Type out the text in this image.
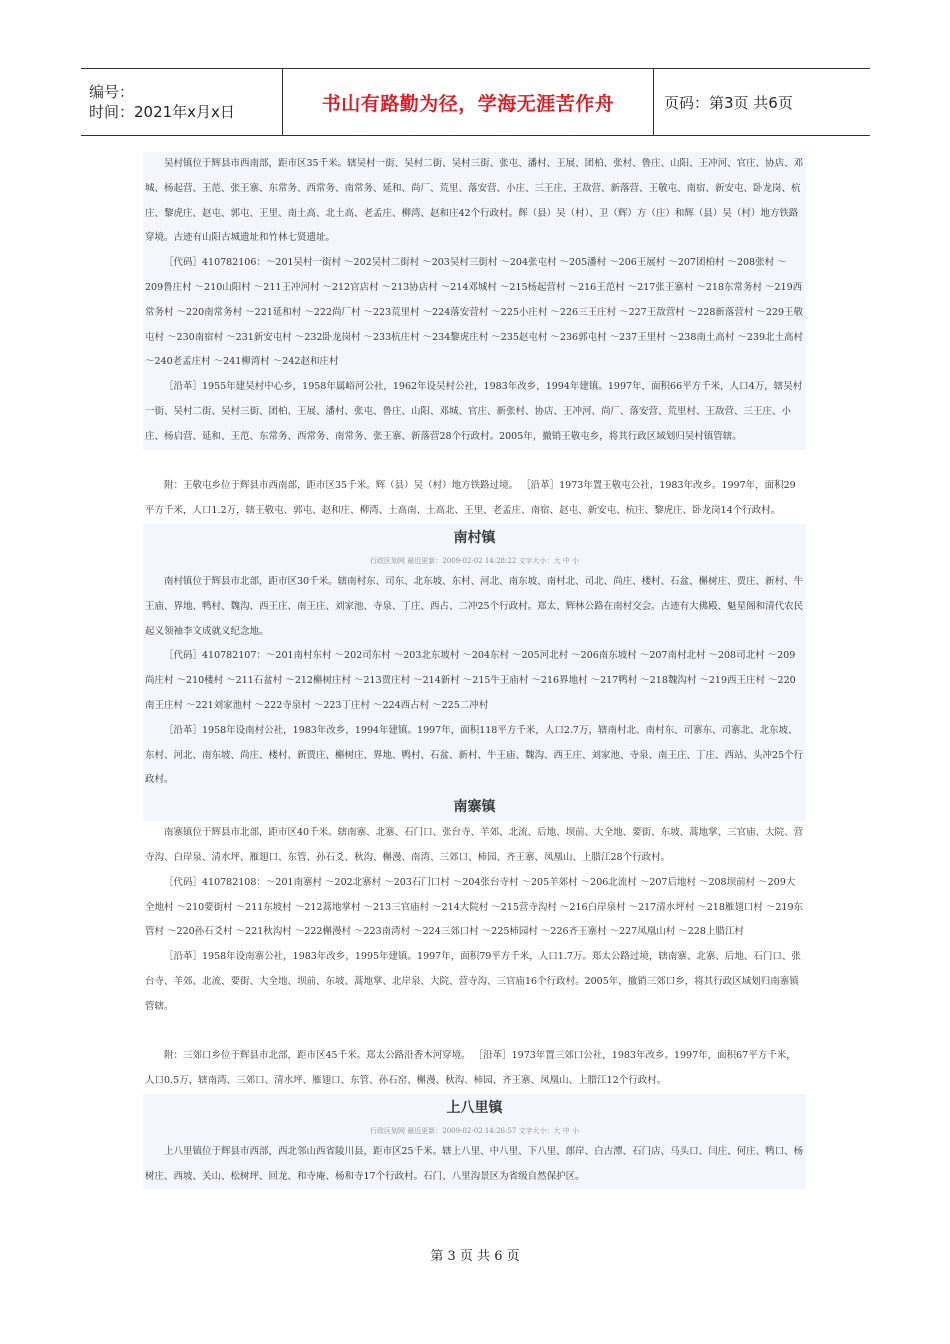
编号：
时间：2021年x月x日	书山有路勤为径，学海无涯苦作舟	页码：第3页 共6页

吴村镇位于辉县市西南部，距市区35千米。辖吴村一街、吴村二街、吴村三街、张屯、潘村、王展、团柏、张村、鲁庄、山阳、王冲河、官庄、协店、邓城、杨起营、王范、张王寨、东常务、西常务、南常务、延和、尚厂、荒里、落安营、小庄、三王庄、王敌营、新落营、王敬屯、南宿、新安屯、卧龙岗、杭庄、黎虎庄、赵屯、郭屯、王里、南土高、北土高、老孟庄、柳湾、赵和庄42个行政村。辉（县）吴（村）、卫（辉）方（庄）和辉（县）吴（村）地方铁路穿境。古迹有山阳古城遗址和竹林七贤遗址。

［代码］410782106：～201吴村一街村 ～202吴村二街村 ～203吴村三街村 ～204张屯村 ～205潘村 ～206王展村 ～207团柏村 ～208张村 ～209鲁庄村 ～210山阳村 ～211王冲河村 ～212官店村 ～213协店村 ～214邓城村 ～215杨起营村 ～216王范村 ～217张王寨村 ～218东常务村 ～219西常务村 ～220南常务村 ～221延和村 ～222尚厂村 ～223荒里村 ～224落安营村 ～225小庄村 ～226三王庄村 ～227王敌营村 ～228新落营村 ～229王敬屯村 ～230南宿村 ～231新安屯村 ～232卧龙岗村 ～233杭庄村 ～234黎虎庄村 ～235赵屯村 ～236郭屯村 ～237王里村 ～238南土高村 ～239北土高村 ～240老孟庄村 ～241柳湾村 ～242赵和庄村

［沿革］1955年建吴村中心乡，1958年属峪河公社，1962年设吴村公社，1983年改乡，1994年建镇。1997年，面积66平方千米，人口4万，辖吴村一街、吴村二街、吴村三街、团柏、王展、潘村、张屯、鲁庄、山阳、邓城、官庄、新张村、协店、王冲河、尚厂、落安营、荒里村、王敌营、三王庄、小庄、杨启营、延和、王范、东常务、西常务、南常务、张王寨、新落营28个行政村。2005年，撤销王敬屯乡，将其行政区域划归吴村镇管辖。

附：王敬屯乡位于辉县市西南部，距市区35千米。辉（县）吴（村）地方铁路过境。 ［沿革］1973年置王敬屯公社，1983年改乡。1997年，面积29平方千米，人口1.2万，辖王敬屯、郭屯、赵和庄、柳湾、土高南、土高北、王里、老孟庄、南宿、赵屯、新安屯、杭庄、黎虎庄、卧龙岗14个行政村。

南村镇
行政区划网 最近更新：2009-02-02 14:28:22 文字大小：大 中 小

南村镇位于辉县市北部，距市区30千米。辖南村东、司东、北东坡、东村、河北、南东坡、南村北、司北、尚庄、楼村、石盆、槲树庄、贾庄、新村、牛王庙、界地、鸭村、魏沟、西王庄、南王庄、刘家池、寺泉、丁庄、西占、二冲25个行政村。郑太、辉林公路在南村交会。古迹有大佛殿、魁星阁和清代农民起义领袖李文成就义纪念地。

［代码］410782107：～201南村东村 ～202司东村 ～203北东坡村 ～204东村 ～205河北村 ～206南东坡村 ～207南村北村 ～208司北村 ～209尚庄村 ～210楼村 ～211石盆村 ～212槲树庄村 ～213贾庄村 ～214新村 ～215牛王庙村 ～216界地村 ～217鸭村 ～218魏沟村 ～219西王庄村 ～220南王庄村 ～221刘家池村 ～222寺泉村 ～223丁庄村 ～224西占村 ～225二冲村

［沿革］1958年设南村公社，1983年改乡，1994年建镇。1997年，面积118平方千米，人口2.7万，辖南村北、南村东、司寨东、司寨北、北东坡、东村、河北、南东坡、尚庄、楼村、新贾庄、槲树庄、界地、鸭村、石盆、新村、牛王庙、魏沟、西王庄、刘家池、寺泉、南王庄、丁庄、西站、头冲25个行政村。

南寨镇

南寨镇位于辉县市北部，距市区40千米。辖南寨、北寨、石门口、张台寺、羊郊、北流、后地、坝前、大全地、要街、东坡、蒿地掌、三官庙、大院、营寺沟、白岸泉、清水坪、雁翅口、东管、孙石爻、秋沟、槲漫、南湾、三郊口、柿园、齐王寨、凤凰山、上腊江28个行政村。

［代码］410782108：～201南寨村 ～202北寨村 ～203石门口村 ～204张台寺村 ～205羊郊村 ～206北流村 ～207后地村 ～208坝前村 ～209大全地村 ～210要街村 ～211东坡村 ～212蒿地掌村 ～213三官庙村 ～214大院村 ～215营寺沟村 ～216白岸泉村 ～217清水坪村 ～218雁翅口村 ～219东管村 ～220孙石爻村 ～221秋沟村 ～222槲漫村 ～223南湾村 ～224三郊口村 ～225柿园村 ～226齐王寨村 ～227凤凰山村 ～228上腊江村

［沿革］1958年设南寨公社，1983年改乡，1995年建镇。1997年，面积79平方千米，人口1.7万。郑太公路过境，辖南寨、北寨、后地、石门口、张台寺、羊郊、北流、要街、大全地、坝前、东坡、蒿地掌、北岸泉、大院、营寺沟、三官庙16个行政村。2005年，撤销三郊口乡，将其行政区域划归南寨镇管辖。

附：三郊口乡位于辉县市北部，距市区45千米。郑太公路沿香木河穿境。 ［沿革］1973年置三郊口公社，1983年改乡。1997年，面积67平方千米，人口0.5万，辖南湾、三郊口、清水坪、雁翅口、东管、孙石窑、槲漫、秋沟、柿园、齐王寨、凤凰山、上腊江12个行政村。

上八里镇
行政区划网 最近更新：2009-02-02 14:26:57 文字大小：大 中 小

上八里镇位于辉县市西部，西北邻山西省陵川县，距市区25千米。辖上八里、中八里、下八里、郎岸、白古潭、石门店、马头口、闫庄、何庄、鸭口、杨树庄、西坡、关山、松树坪、回龙、和寺庵、杨和寺17个行政村。石门、八里沟景区为省级自然保护区。

第 3 页 共 6 页
